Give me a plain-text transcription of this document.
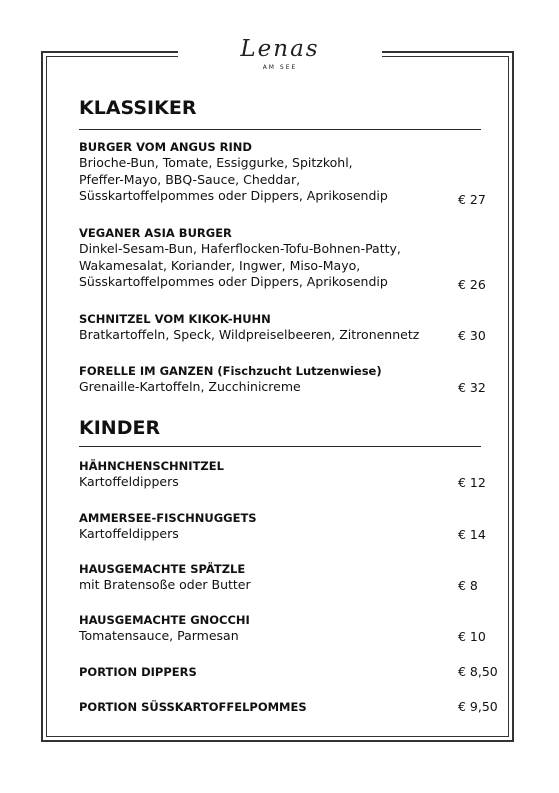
Lenas
AM SEE
KLASSIKER
BURGER VOM ANGUS RIND
Brioche-Bun, Tomate, Essiggurke, Spitzkohl,
Pfeffer-Mayo, BBQ-Sauce, Cheddar,
Süsskartoffelpommes oder Dippers, Aprikosendip	€ 27
VEGANER ASIA BURGER
Dinkel-Sesam-Bun, Haferflocken-Tofu-Bohnen-Patty,
Wakamesalat, Koriander, Ingwer, Miso-Mayo,
Süsskartoffelpommes oder Dippers, Aprikosendip	€ 26
SCHNITZEL VOM KIKOK-HUHN
Bratkartoffeln, Speck, Wildpreiselbeeren, Zitronennetz	€ 30
FORELLE IM GANZEN (Fischzucht Lutzenwiese)
Grenaille-Kartoffeln, Zucchinicreme	€ 32
KINDER
HÄHNCHENSCHNITZEL
Kartoffeldippers	€ 12
AMMERSEE-FISCHNUGGETS
Kartoffeldippers	€ 14
HAUSGEMACHTE SPÄTZLE
mit Bratensoße oder Butter	€ 8
HAUSGEMACHTE GNOCCHI
Tomatensauce, Parmesan	€ 10
PORTION DIPPERS	€ 8,50
PORTION SÜSSKARTOFFELPOMMES	€ 9,50
